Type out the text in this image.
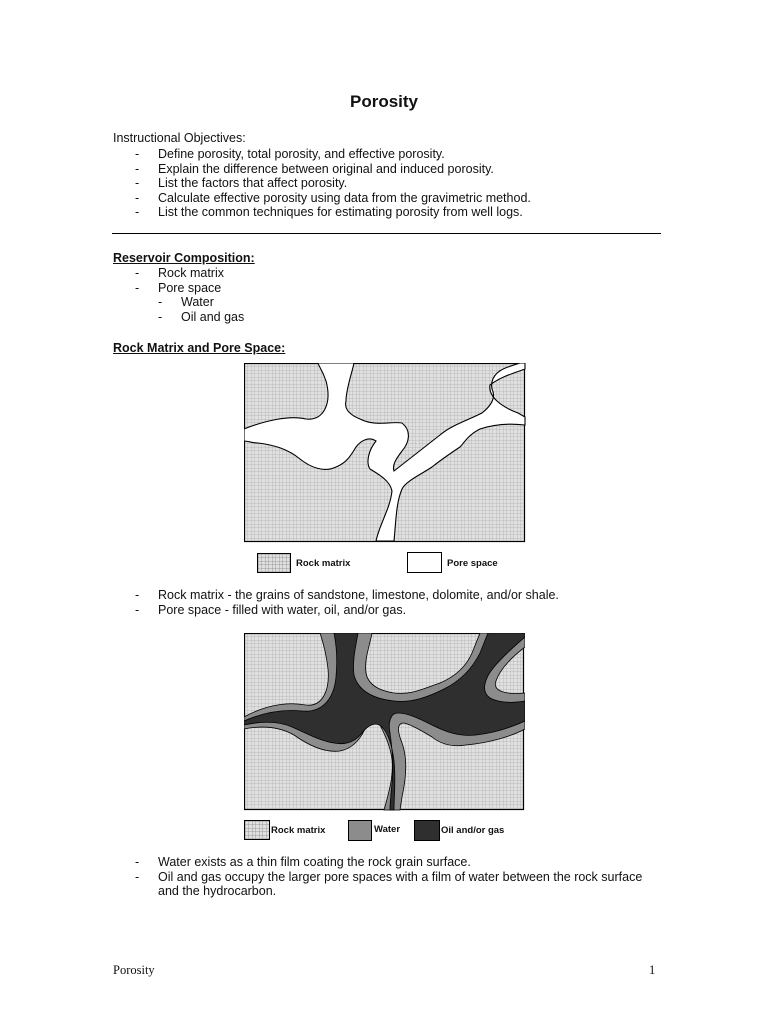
Porosity
Instructional Objectives:
- Define porosity, total porosity, and effective porosity.
- Explain the difference between original and induced porosity.
- List the factors that affect porosity.
- Calculate effective porosity using data from the gravimetric method.
- List the common techniques for estimating porosity from well logs.
Reservoir Composition:
- Rock matrix
- Pore space
- Water
- Oil and gas
Rock Matrix and Pore Space:
Rock matrix	Pore space
- Rock matrix - the grains of sandstone, limestone, dolomite, and/or shale.
- Pore space - filled with water, oil, and/or gas.
Rock matrix	Water	Oil and/or gas
- Water exists as a thin film coating the rock grain surface.
- Oil and gas occupy the larger pore spaces with a film of water between the rock surface
and the hydrocarbon.
Porosity	1
